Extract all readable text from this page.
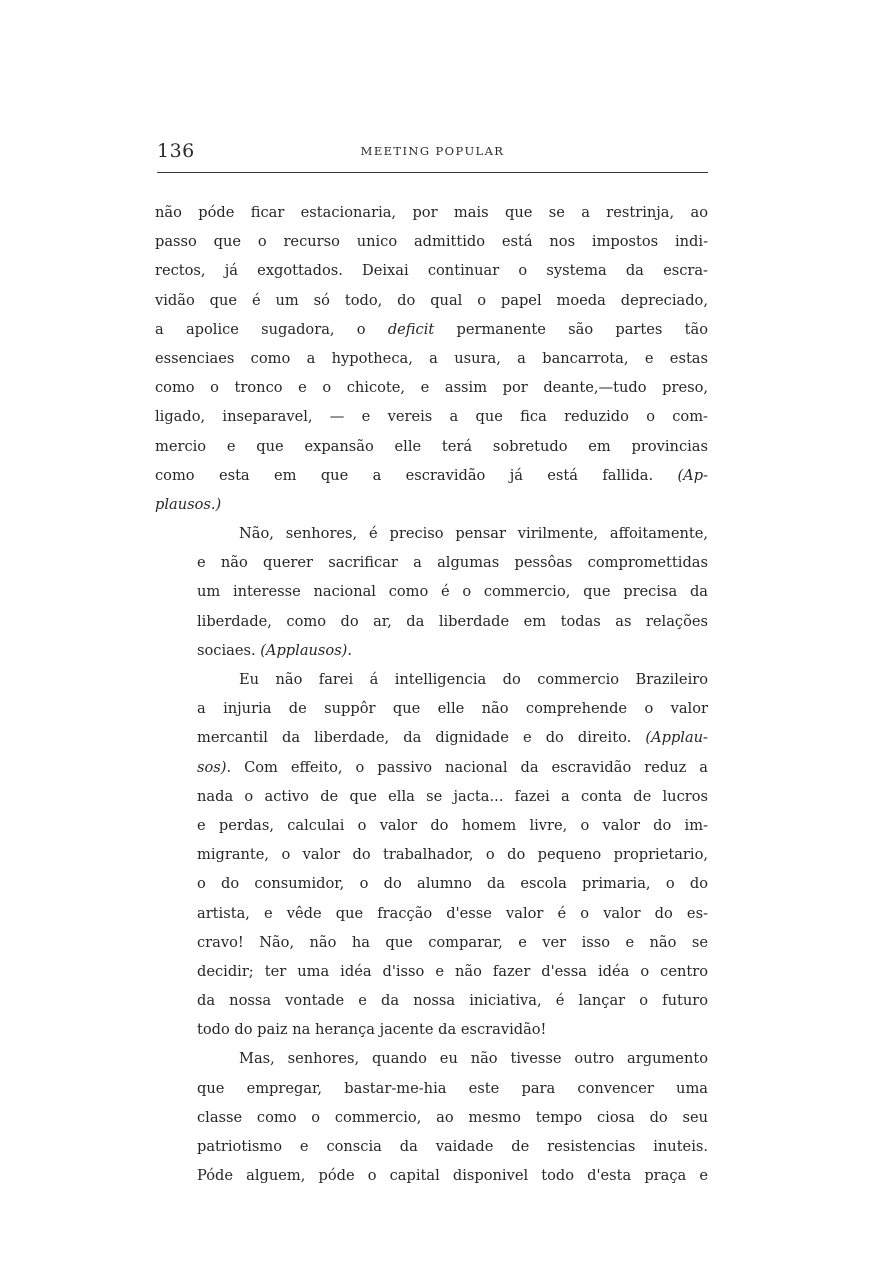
136	MEETING POPULAR

não póde ficar estacionaria, por mais que se a restrinja, ao
passo que o recurso unico admittido está nos impostos indi-
rectos, já exgottados. Deixai continuar o systema da escra-
vidão que é um só todo, do qual o papel moeda depreciado,
a apolice sugadora, o deficit permanente são partes tão
essenciaes como a hypotheca, a usura, a bancarrota, e estas
como o tronco e o chicote, e assim por deante,—tudo preso,
ligado, inseparavel, — e vereis a que fica reduzido o com-
mercio e que expansão elle terá sobretudo em provincias
como esta em que a escravidão já está fallida. (Ap-
plausos.)

Não, senhores, é preciso pensar virilmente, affoitamente,
e não querer sacrificar a algumas pessôas compromettidas
um interesse nacional como é o commercio, que precisa da
liberdade, como do ar, da liberdade em todas as relações
sociaes. (Applausos).

Eu não farei á intelligencia do commercio Brazileiro
a injuria de suppôr que elle não comprehende o valor
mercantil da liberdade, da dignidade e do direito. (Applau-
sos). Com effeito, o passivo nacional da escravidão reduz a
nada o activo de que ella se jacta... fazei a conta de lucros
e perdas, calculai o valor do homem livre, o valor do im-
migrante, o valor do trabalhador, o do pequeno proprietario,
o do consumidor, o do alumno da escola primaria, o do
artista, e vêde que fracção d'esse valor é o valor do es-
cravo! Não, não ha que comparar, e ver isso e não se
decidir; ter uma idéa d'isso e não fazer d'essa idéa o centro
da nossa vontade e da nossa iniciativa, é lançar o futuro
todo do paiz na herança jacente da escravidão!

Mas, senhores, quando eu não tivesse outro argumento
que empregar, bastar-me-hia este para convencer uma
classe como o commercio, ao mesmo tempo ciosa do seu
patriotismo e conscia da vaidade de resistencias inuteis.
Póde alguem, póde o capital disponivel todo d'esta praça e
